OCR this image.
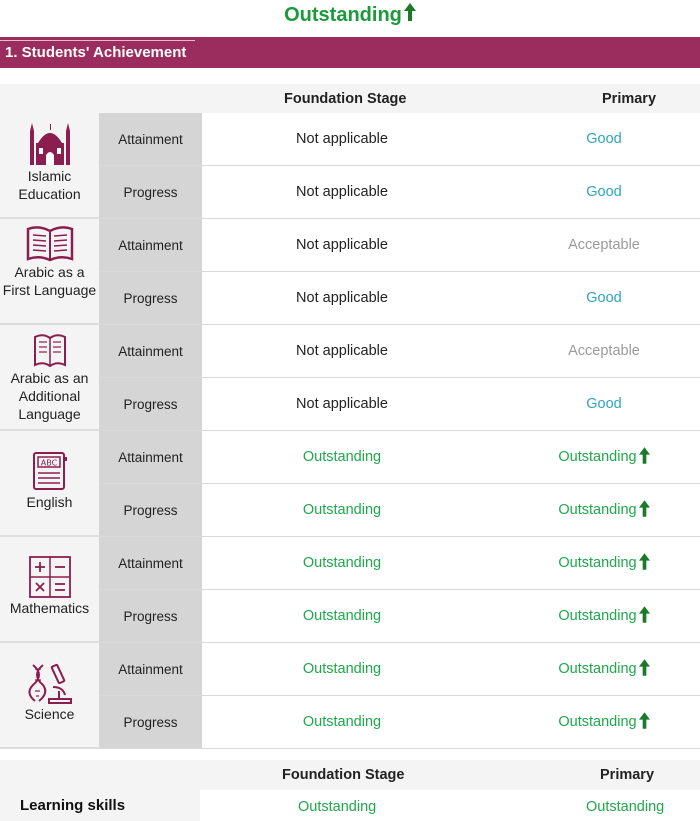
Outstanding
1. Students' Achievement
Foundation Stage	Primary
Islamic Education
Attainment	Not applicable	Good
Progress	Not applicable	Good
Arabic as a First Language
Attainment	Not applicable	Acceptable
Progress	Not applicable	Good
Arabic as an Additional Language
Attainment	Not applicable	Acceptable
Progress	Not applicable	Good
ABC
English
Attainment	Outstanding	Outstanding
Progress	Outstanding	Outstanding
Mathematics
Attainment	Outstanding	Outstanding
Progress	Outstanding	Outstanding
Science
Attainment	Outstanding	Outstanding
Progress	Outstanding	Outstanding
Foundation Stage	Primary
Learning skills	Outstanding	Outstanding
